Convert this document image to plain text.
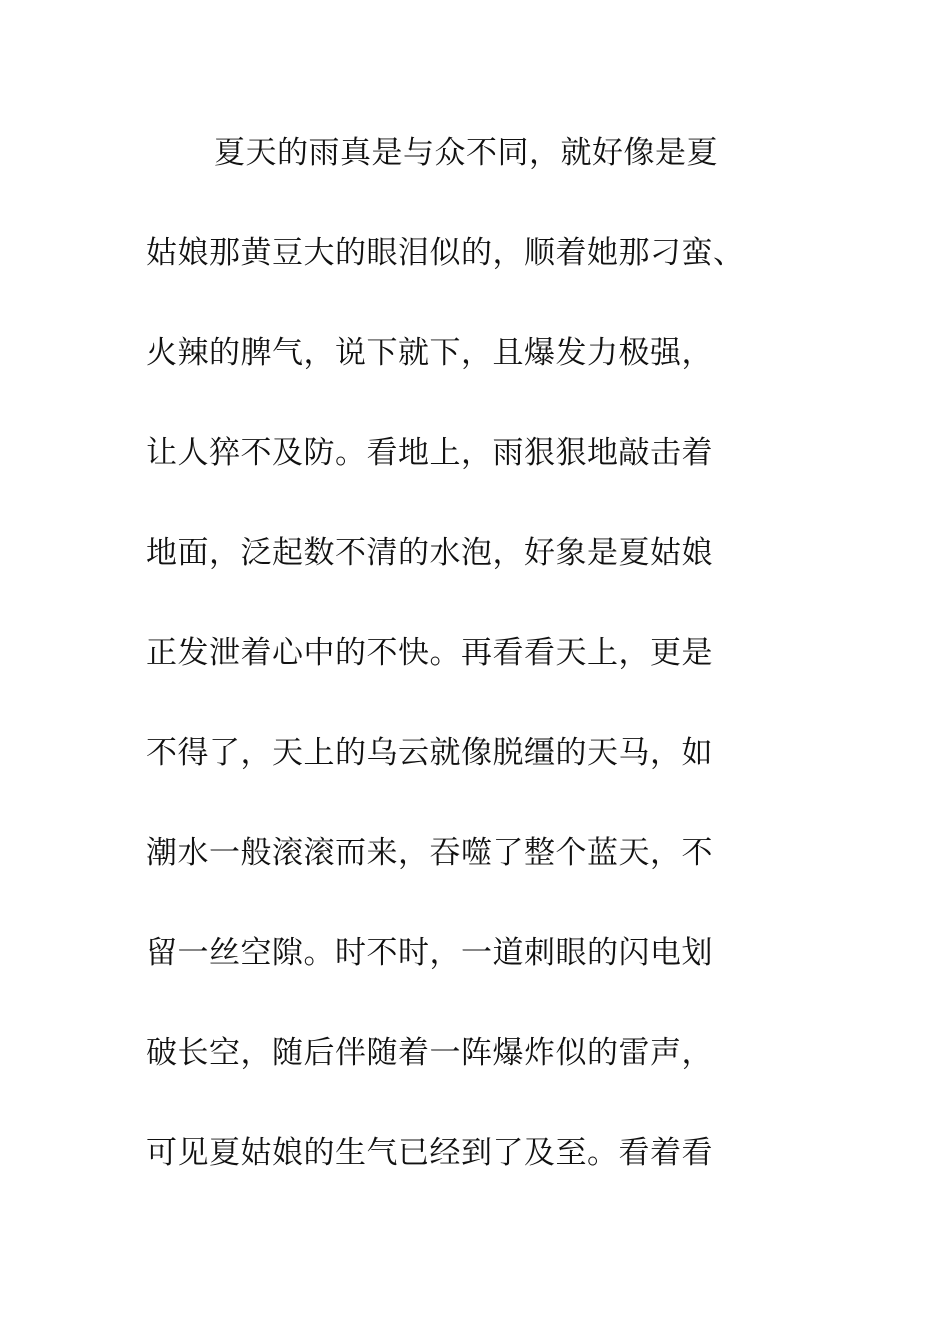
夏天的雨真是与众不同，就好像是夏
姑娘那黄豆大的眼泪似的，顺着她那刁蛮、
火辣的脾气，说下就下，且爆发力极强，
让人猝不及防。看地上，雨狠狠地敲击着
地面，泛起数不清的水泡，好象是夏姑娘
正发泄着心中的不快。再看看天上，更是
不得了，天上的乌云就像脱缰的天马，如
潮水一般滚滚而来，吞噬了整个蓝天，不
留一丝空隙。时不时，一道刺眼的闪电划
破长空，随后伴随着一阵爆炸似的雷声，
可见夏姑娘的生气已经到了及至。看着看
